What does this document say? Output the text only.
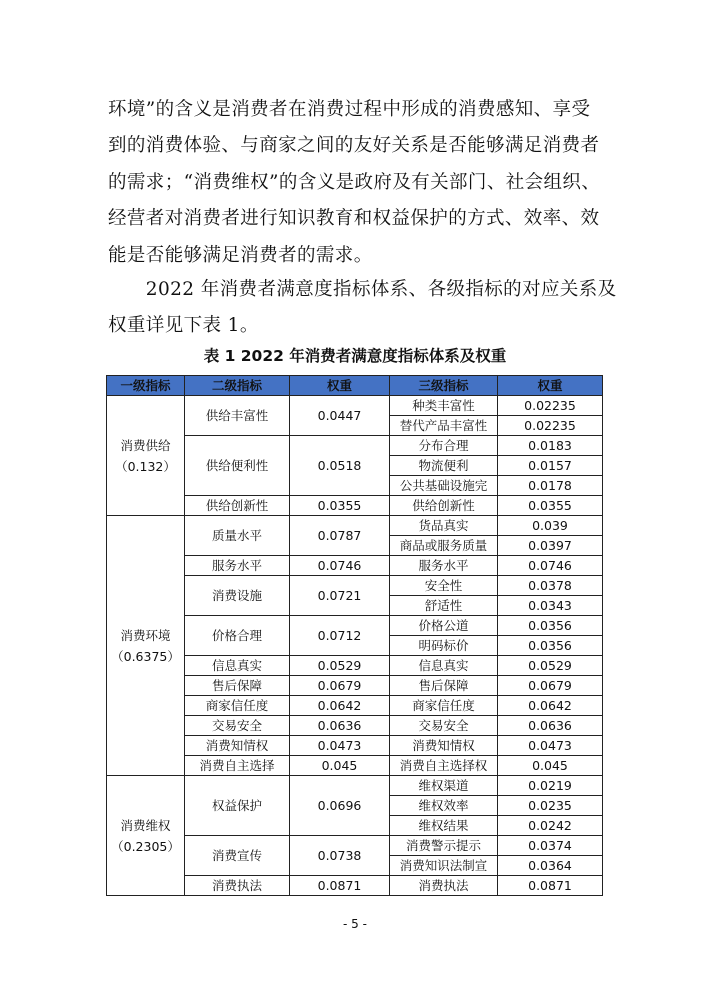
环境”的含义是消费者在消费过程中形成的消费感知、享受
到的消费体验、与商家之间的友好关系是否能够满足消费者
的需求；“消费维权”的含义是政府及有关部门、社会组织、
经营者对消费者进行知识教育和权益保护的方式、效率、效
能是否能够满足消费者的需求。
　　2022 年消费者满意度指标体系、各级指标的对应关系及
权重详见下表 1。
表 1 2022 年消费者满意度指标体系及权重
一级指标	二级指标	权重	三级指标	权重

消费供给
（0.132）	供给丰富性	0.0447	种类丰富性	0.02235
			替代产品丰富性	0.02235
	供给便利性	0.0518	分布合理	0.0183
			物流便利	0.0157
			公共基础设施完	0.0178
	供给创新性	0.0355	供给创新性	0.0355

消费环境
（0.6375）	质量水平	0.0787	货品真实	0.039
			商品或服务质量	0.0397
	服务水平	0.0746	服务水平	0.0746
	消费设施	0.0721	安全性	0.0378
			舒适性	0.0343
	价格合理	0.0712	价格公道	0.0356
			明码标价	0.0356
	信息真实	0.0529	信息真实	0.0529
	售后保障	0.0679	售后保障	0.0679
	商家信任度	0.0642	商家信任度	0.0642
	交易安全	0.0636	交易安全	0.0636
	消费知情权	0.0473	消费知情权	0.0473
	消费自主选择	0.045	消费自主选择权	0.045

消费维权
（0.2305）	权益保护	0.0696	维权渠道	0.0219
			维权效率	0.0235
			维权结果	0.0242
	消费宣传	0.0738	消费警示提示	0.0374
			消费知识法制宣	0.0364
	消费执法	0.0871	消费执法	0.0871
- 5 -
